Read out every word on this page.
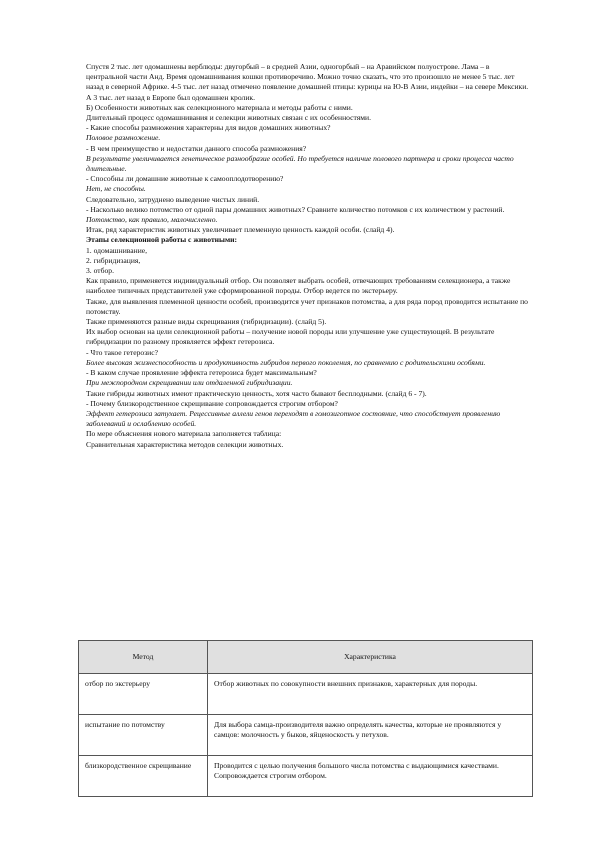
Спустя 2 тыс. лет одомашнены верблюды: двугорбый – в средней Азии, одногорбый – на Аравийском полуострове. Лама – в центральной части Анд. Время одомашнивания кошки противоречиво. Можно точно сказать, что это произошло не менее 5 тыс. лет назад в северной Африке. 4-5 тыс. лет назад отмечено появление домашней птицы: курицы на Ю-В Азии, индейки – на севере Мексики. А 3 тыс. лет назад в Европе был одомашнен кролик.

Б) Особенности животных как селекционного материала и методы работы с ними.

Длительный процесс одомашнивания и селекции животных связан с их особенностями.

- Какие способы размножения характерны для видов домашних животных?

Половое размножение.

- В чем преимущество и недостатки данного способа размножения?

В результате увеличивается генетическое разнообразие особей. Но требуется наличие полового партнера и сроки процесса часто длительные.

- Способны ли домашние животные к самооплодотворению?

Нет, не способны.

Следовательно, затруднено выведение чистых линий.

- Насколько велико потомство от одной пары домашних животных? Сравните количество потомков с их количеством у растений.

Потомство, как правило, малочисленно.

Итак, ряд характеристик животных увеличивает племенную ценность каждой особи. (слайд 4).

Этапы селекционной работы с животными:

1. одомашнивание,

2. гибридизация,

3. отбор.

Как правило, применяется индивидуальный отбор. Он позволяет выбрать особей, отвечающих требованиям селекционера, а также наиболее типичных представителей уже сформированной породы. Отбор ведется по экстерьеру.

Также, для выявления племенной ценности особей, производится учет признаков потомства, а для ряда пород проводится испытание по потомству.

Также применяются разные виды скрещивания (гибридизации). (слайд 5).

Их выбор основан на цели селекционной работы – получение новой породы или улучшение уже существующей. В результате гибридизации по разному проявляется эффект гетерозиса.

- Что такое гетерозис?

Более высокая жизнеспособность и продуктивность гибридов первого поколения, по сравнению с родительскими особями.

- В каком случае проявление эффекта гетерозиса будет максимальным?

При межпородном скрещивании или отдаленной гибридизации.

Такие гибриды животных имеют практическую ценность, хотя часто бывают бесплодными. (слайд 6 - 7).

- Почему близкородственное скрещивание сопровождается строгим отбором?

Эффект гетерозиса затухает. Рецессивные аллели генов переходят в гомозиготное состояние, что способствует проявлению заболеваний и ослаблению особей.

По мере объяснения нового материала заполняется таблица:

Сравнительная характеристика методов селекции животных.

Метод	Характеристика
отбор по экстерьеру	Отбор животных по совокупности внешних признаков, характерных для породы.
испытание по потомству	Для выбора самца-производителя важно определять качества, которые не проявляются у самцов: молочность у быков, яйценоскость у петухов.
близкородственное скрещивание	Проводится с целью получения большого числа потомства с выдающимися качествами. Сопровождается строгим отбором.
